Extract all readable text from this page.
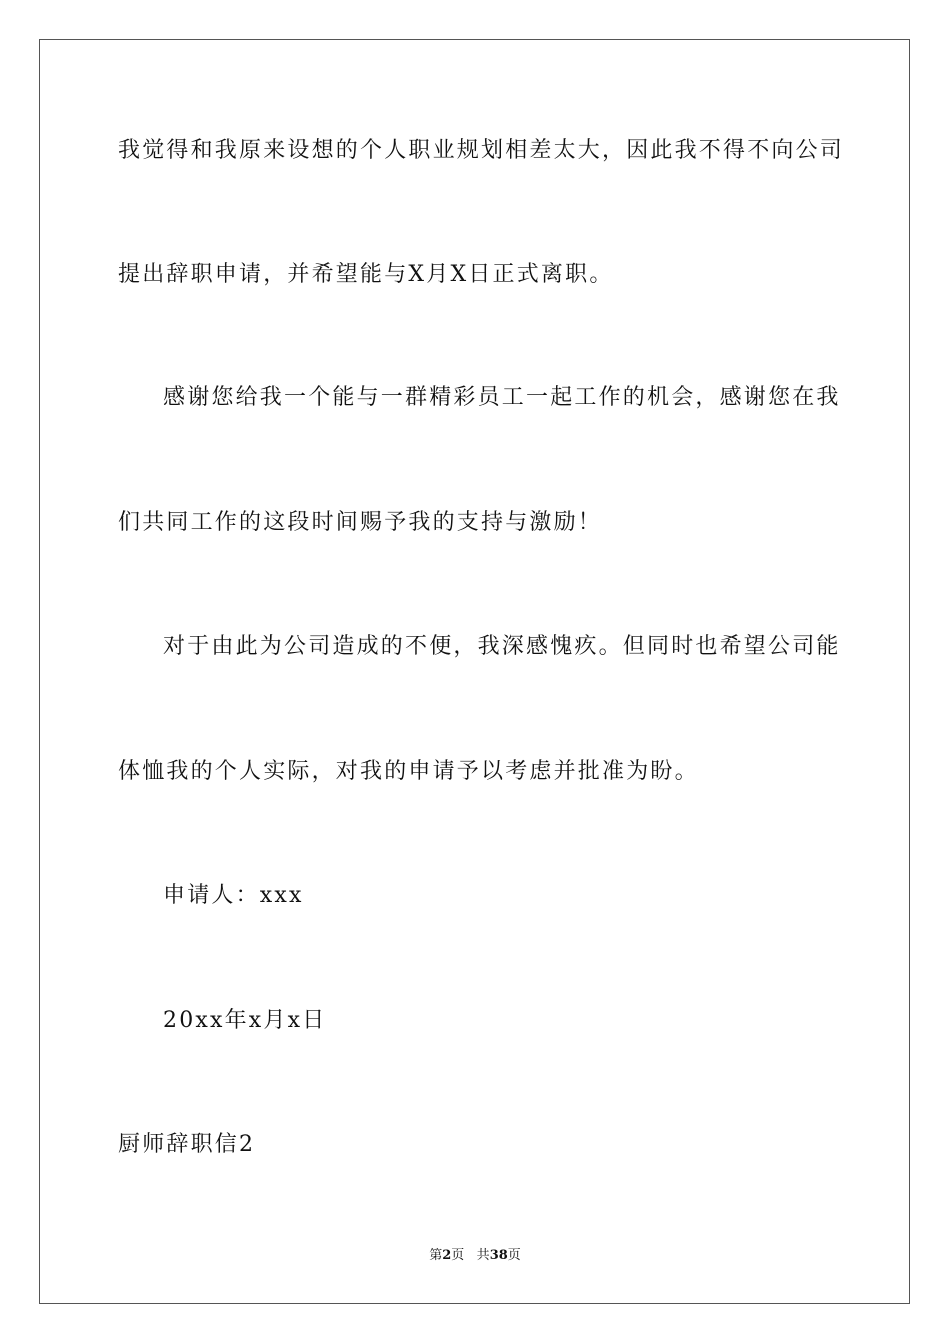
我觉得和我原来设想的个人职业规划相差太大，因此我不得不向公司
提出辞职申请，并希望能与X月X日正式离职。
感谢您给我一个能与一群精彩员工一起工作的机会，感谢您在我
们共同工作的这段时间赐予我的支持与激励！
对于由此为公司造成的不便，我深感愧疚。但同时也希望公司能
体恤我的个人实际，对我的申请予以考虑并批准为盼。
申请人：xxx
20xx年x月x日
厨师辞职信2
第2页 共38页
